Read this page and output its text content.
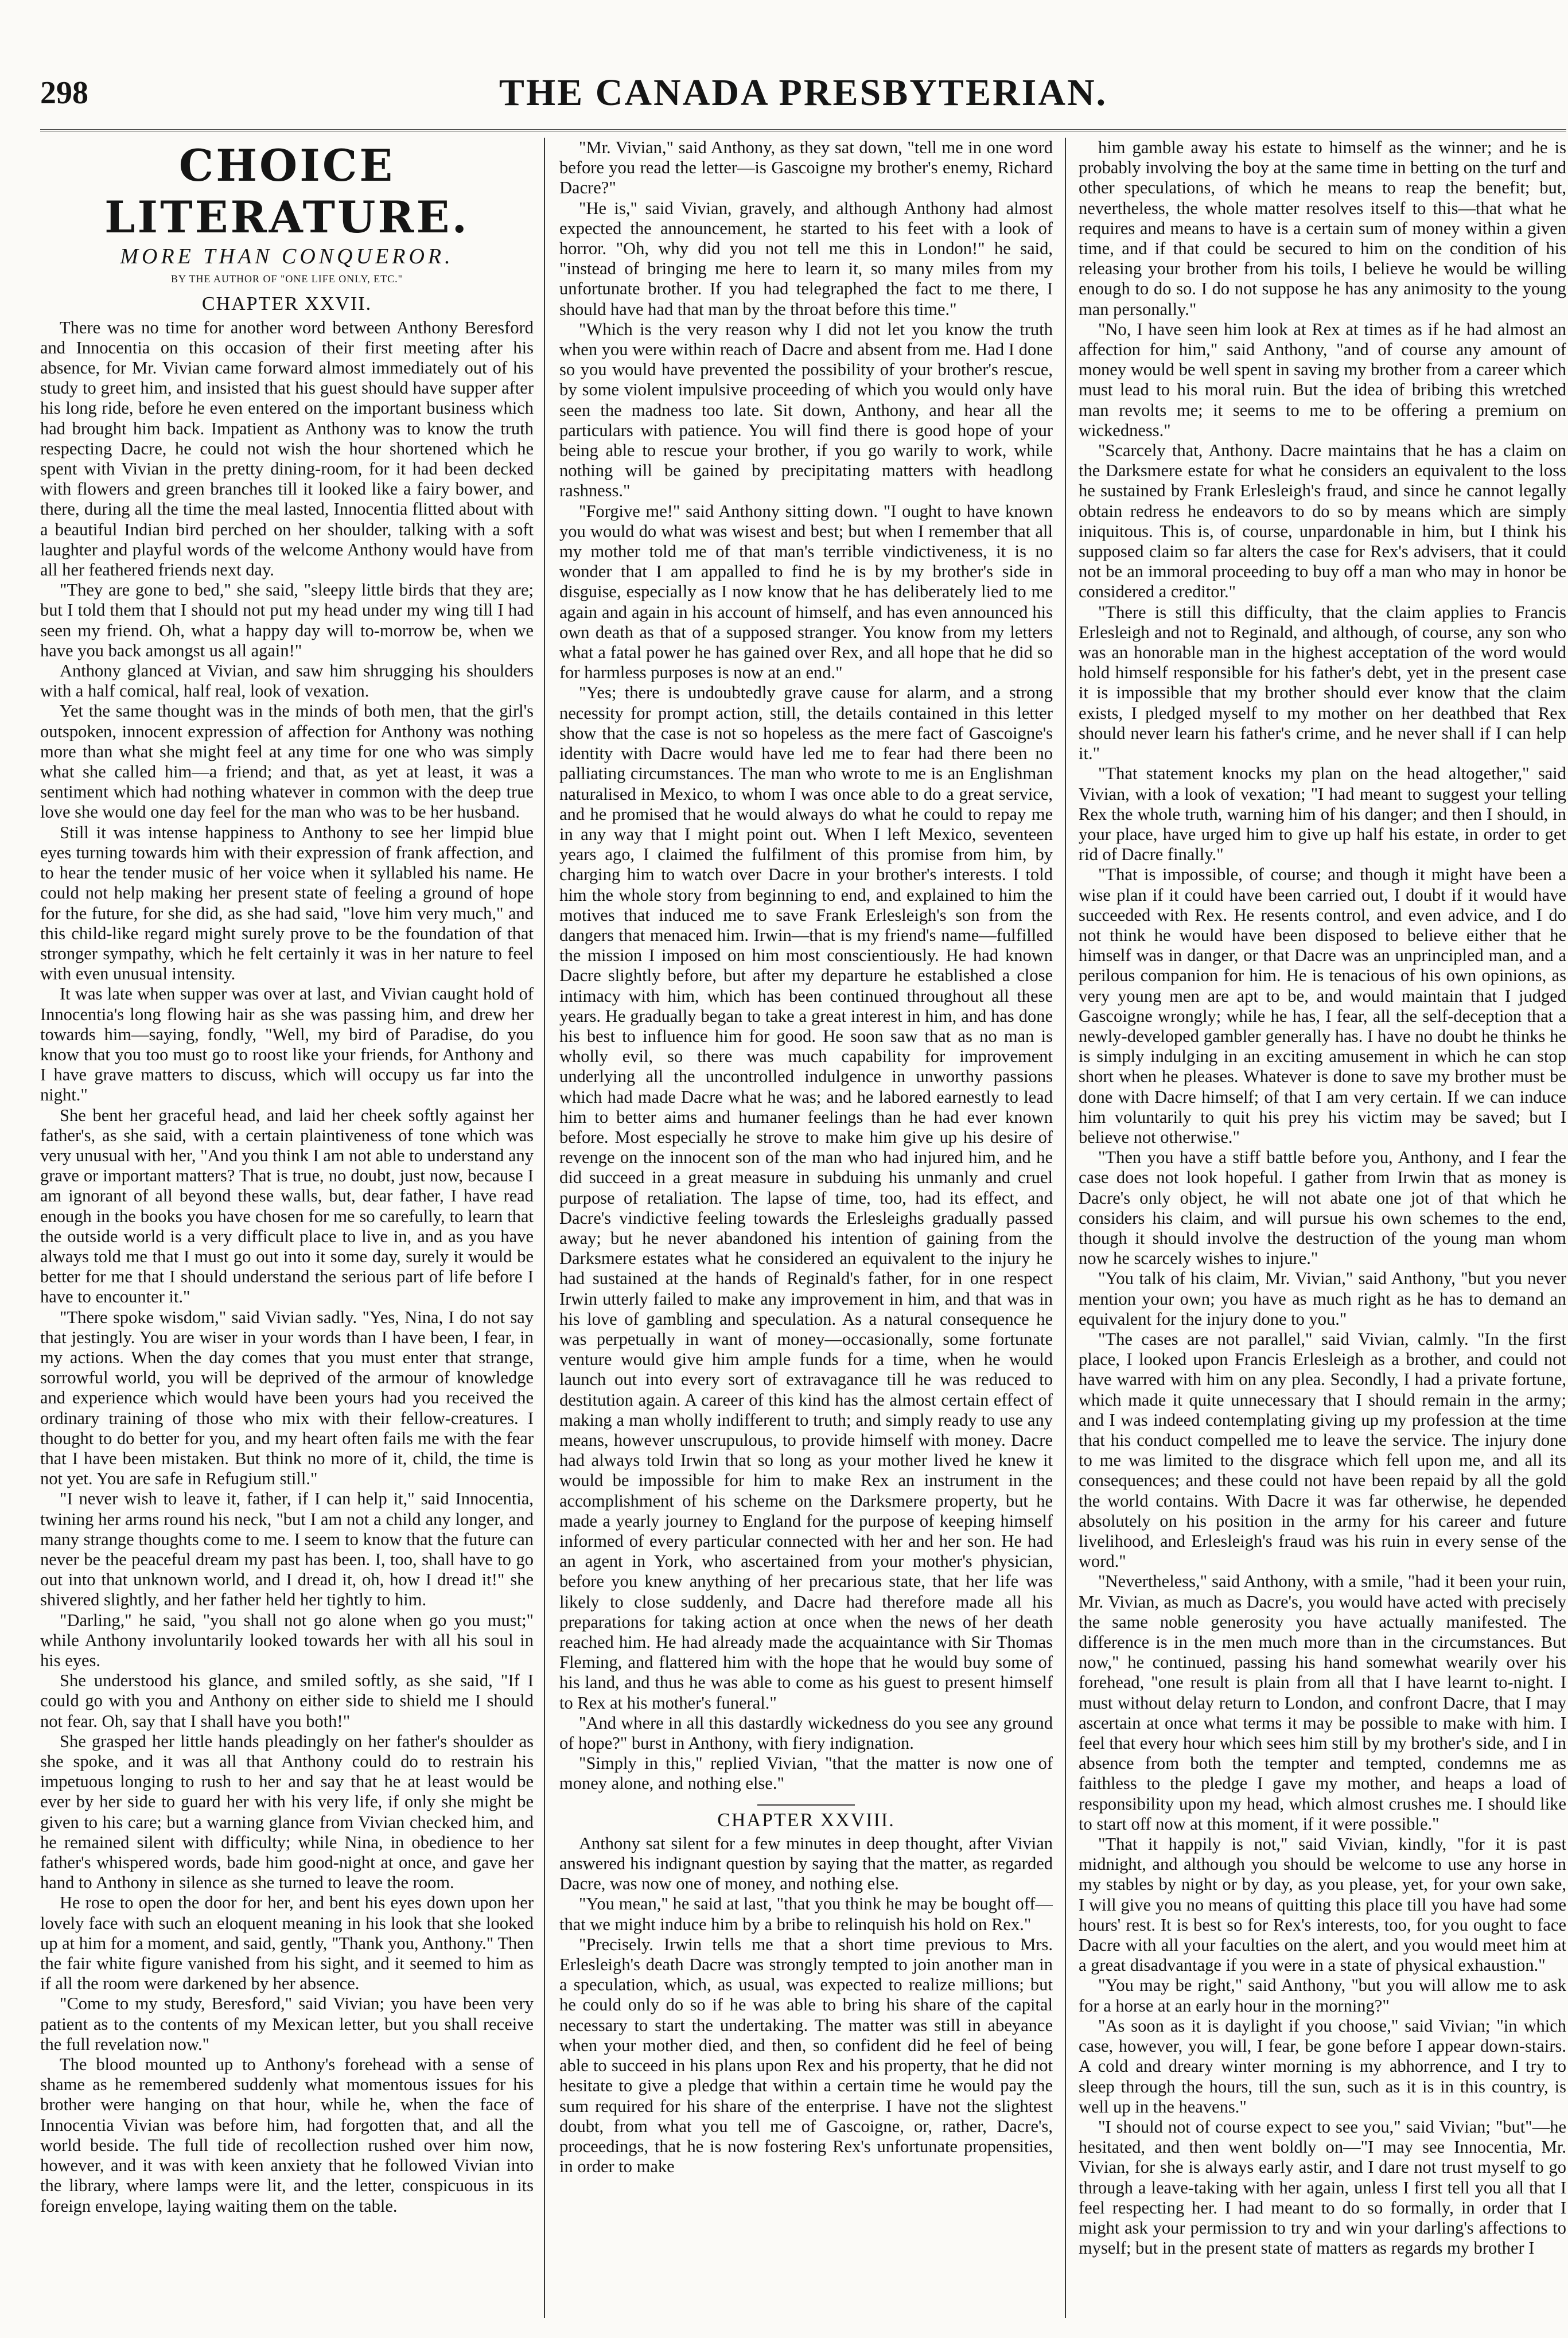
298	THE CANADA PRESBYTERIAN.
CHOICE LITERATURE.
MORE THAN CONQUEROR.
BY THE AUTHOR OF "ONE LIFE ONLY, ETC."
CHAPTER XXVII.

There was no time for another word between Anthony Beresford and Innocentia on this occasion of their first meeting after his absence, for Mr. Vivian came forward almost immediately out of his study to greet him, and insisted that his guest should have supper after his long ride, before he even entered on the important business which had brought him back. Impatient as Anthony was to know the truth respecting Dacre, he could not wish the hour shortened which he spent with Vivian in the pretty dining-room, for it had been decked with flowers and green branches till it looked like a fairy bower, and there, during all the time the meal lasted, Innocentia flitted about with a beautiful Indian bird perched on her shoulder, talking with a soft laughter and playful words of the welcome Anthony would have from all her feathered friends next day.

"They are gone to bed," she said, "sleepy little birds that they are; but I told them that I should not put my head under my wing till I had seen my friend. Oh, what a happy day will to-morrow be, when we have you back amongst us all again!"

Anthony glanced at Vivian, and saw him shrugging his shoulders with a half comical, half real, look of vexation.

Yet the same thought was in the minds of both men, that the girl's outspoken, innocent expression of affection for Anthony was nothing more than what she might feel at any time for one who was simply what she called him—a friend; and that, as yet at least, it was a sentiment which had nothing whatever in common with the deep true love she would one day feel for the man who was to be her husband.

Still it was intense happiness to Anthony to see her limpid blue eyes turning towards him with their expression of frank affection, and to hear the tender music of her voice when it syllabled his name. He could not help making her present state of feeling a ground of hope for the future, for she did, as she had said, "love him very much," and this child-like regard might surely prove to be the foundation of that stronger sympathy, which he felt certainly it was in her nature to feel with even unusual intensity.

It was late when supper was over at last, and Vivian caught hold of Innocentia's long flowing hair as she was passing him, and drew her towards him—saying, fondly, "Well, my bird of Paradise, do you know that you too must go to roost like your friends, for Anthony and I have grave matters to discuss, which will occupy us far into the night."

She bent her graceful head, and laid her cheek softly against her father's, as she said, with a certain plaintiveness of tone which was very unusual with her, "And you think I am not able to understand any grave or important matters? That is true, no doubt, just now, because I am ignorant of all beyond these walls, but, dear father, I have read enough in the books you have chosen for me so carefully, to learn that the outside world is a very difficult place to live in, and as you have always told me that I must go out into it some day, surely it would be better for me that I should understand the serious part of life before I have to encounter it."

"There spoke wisdom," said Vivian sadly. "Yes, Nina, I do not say that jestingly. You are wiser in your words than I have been, I fear, in my actions. When the day comes that you must enter that strange, sorrowful world, you will be deprived of the armour of knowledge and experience which would have been yours had you received the ordinary training of those who mix with their fellow-creatures. I thought to do better for you, and my heart often fails me with the fear that I have been mistaken. But think no more of it, child, the time is not yet. You are safe in Refugium still."

"I never wish to leave it, father, if I can help it," said Innocentia, twining her arms round his neck, "but I am not a child any longer, and many strange thoughts come to me. I seem to know that the future can never be the peaceful dream my past has been. I, too, shall have to go out into that unknown world, and I dread it, oh, how I dread it!" she shivered slightly, and her father held her tightly to him.

"Darling," he said, "you shall not go alone when go you must;" while Anthony involuntarily looked towards her with all his soul in his eyes.

She understood his glance, and smiled softly, as she said, "If I could go with you and Anthony on either side to shield me I should not fear. Oh, say that I shall have you both!"

She grasped her little hands pleadingly on her father's shoulder as she spoke, and it was all that Anthony could do to restrain his impetuous longing to rush to her and say that he at least would be ever by her side to guard her with his very life, if only she might be given to his care; but a warning glance from Vivian checked him, and he remained silent with difficulty; while Nina, in obedience to her father's whispered words, bade him good-night at once, and gave her hand to Anthony in silence as she turned to leave the room.

He rose to open the door for her, and bent his eyes down upon her lovely face with such an eloquent meaning in his look that she looked up at him for a moment, and said, gently, "Thank you, Anthony." Then the fair white figure vanished from his sight, and it seemed to him as if all the room were darkened by her absence.

"Come to my study, Beresford," said Vivian; you have been very patient as to the contents of my Mexican letter, but you shall receive the full revelation now."

The blood mounted up to Anthony's forehead with a sense of shame as he remembered suddenly what momentous issues for his brother were hanging on that hour, while he, when the face of Innocentia Vivian was before him, had forgotten that, and all the world beside. The full tide of recollection rushed over him now, however, and it was with keen anxiety that he followed Vivian into the library, where lamps were lit, and the letter, conspicuous in its foreign envelope, laying waiting them on the table.

"Mr. Vivian," said Anthony, as they sat down, "tell me in one word before you read the letter—is Gascoigne my brother's enemy, Richard Dacre?"

"He is," said Vivian, gravely, and although Anthony had almost expected the announcement, he started to his feet with a look of horror. "Oh, why did you not tell me this in London!" he said, "instead of bringing me here to learn it, so many miles from my unfortunate brother. If you had telegraphed the fact to me there, I should have had that man by the throat before this time."

"Which is the very reason why I did not let you know the truth when you were within reach of Dacre and absent from me. Had I done so you would have prevented the possibility of your brother's rescue, by some violent impulsive proceeding of which you would only have seen the madness too late. Sit down, Anthony, and hear all the particulars with patience. You will find there is good hope of your being able to rescue your brother, if you go warily to work, while nothing will be gained by precipitating matters with headlong rashness."

"Forgive me!" said Anthony sitting down. "I ought to have known you would do what was wisest and best; but when I remember that all my mother told me of that man's terrible vindictiveness, it is no wonder that I am appalled to find he is by my brother's side in disguise, especially as I now know that he has deliberately lied to me again and again in his account of himself, and has even announced his own death as that of a supposed stranger. You know from my letters what a fatal power he has gained over Rex, and all hope that he did so for harmless purposes is now at an end."

"Yes; there is undoubtedly grave cause for alarm, and a strong necessity for prompt action, still, the details contained in this letter show that the case is not so hopeless as the mere fact of Gascoigne's identity with Dacre would have led me to fear had there been no palliating circumstances. The man who wrote to me is an Englishman naturalised in Mexico, to whom I was once able to do a great service, and he promised that he would always do what he could to repay me in any way that I might point out. When I left Mexico, seventeen years ago, I claimed the fulfilment of this promise from him, by charging him to watch over Dacre in your brother's interests. I told him the whole story from beginning to end, and explained to him the motives that induced me to save Frank Erlesleigh's son from the dangers that menaced him. Irwin—that is my friend's name—fulfilled the mission I imposed on him most conscientiously. He had known Dacre slightly before, but after my departure he established a close intimacy with him, which has been continued throughout all these years. He gradually began to take a great interest in him, and has done his best to influence him for good. He soon saw that as no man is wholly evil, so there was much capability for improvement underlying all the uncontrolled indulgence in unworthy passions which had made Dacre what he was; and he labored earnestly to lead him to better aims and humaner feelings than he had ever known before. Most especially he strove to make him give up his desire of revenge on the innocent son of the man who had injured him, and he did succeed in a great measure in subduing his unmanly and cruel purpose of retaliation. The lapse of time, too, had its effect, and Dacre's vindictive feeling towards the Erlesleighs gradually passed away; but he never abandoned his intention of gaining from the Darksmere estates what he considered an equivalent to the injury he had sustained at the hands of Reginald's father, for in one respect Irwin utterly failed to make any improvement in him, and that was in his love of gambling and speculation. As a natural consequence he was perpetually in want of money—occasionally, some fortunate venture would give him ample funds for a time, when he would launch out into every sort of extravagance till he was reduced to destitution again. A career of this kind has the almost certain effect of making a man wholly indifferent to truth; and simply ready to use any means, however unscrupulous, to provide himself with money. Dacre had always told Irwin that so long as your mother lived he knew it would be impossible for him to make Rex an instrument in the accomplishment of his scheme on the Darksmere property, but he made a yearly journey to England for the purpose of keeping himself informed of every particular connected with her and her son. He had an agent in York, who ascertained from your mother's physician, before you knew anything of her precarious state, that her life was likely to close suddenly, and Dacre had therefore made all his preparations for taking action at once when the news of her death reached him. He had already made the acquaintance with Sir Thomas Fleming, and flattered him with the hope that he would buy some of his land, and thus he was able to come as his guest to present himself to Rex at his mother's funeral."

"And where in all this dastardly wickedness do you see any ground of hope?" burst in Anthony, with fiery indignation.

"Simply in this," replied Vivian, "that the matter is now one of money alone, and nothing else."

CHAPTER XXVIII.

Anthony sat silent for a few minutes in deep thought, after Vivian answered his indignant question by saying that the matter, as regarded Dacre, was now one of money, and nothing else.

"You mean," he said at last, "that you think he may be bought off—that we might induce him by a bribe to relinquish his hold on Rex."

"Precisely. Irwin tells me that a short time previous to Mrs. Erlesleigh's death Dacre was strongly tempted to join another man in a speculation, which, as usual, was expected to realize millions; but he could only do so if he was able to bring his share of the capital necessary to start the undertaking. The matter was still in abeyance when your mother died, and then, so confident did he feel of being able to succeed in his plans upon Rex and his property, that he did not hesitate to give a pledge that within a certain time he would pay the sum required for his share of the enterprise. I have not the slightest doubt, from what you tell me of Gascoigne, or, rather, Dacre's, proceedings, that he is now fostering Rex's unfortunate propensities, in order to make

him gamble away his estate to himself as the winner; and he is probably involving the boy at the same time in betting on the turf and other speculations, of which he means to reap the benefit; but, nevertheless, the whole matter resolves itself to this—that what he requires and means to have is a certain sum of money within a given time, and if that could be secured to him on the condition of his releasing your brother from his toils, I believe he would be willing enough to do so. I do not suppose he has any animosity to the young man personally."

"No, I have seen him look at Rex at times as if he had almost an affection for him," said Anthony, "and of course any amount of money would be well spent in saving my brother from a career which must lead to his moral ruin. But the idea of bribing this wretched man revolts me; it seems to me to be offering a premium on wickedness."

"Scarcely that, Anthony. Dacre maintains that he has a claim on the Darksmere estate for what he considers an equivalent to the loss he sustained by Frank Erlesleigh's fraud, and since he cannot legally obtain redress he endeavors to do so by means which are simply iniquitous. This is, of course, unpardonable in him, but I think his supposed claim so far alters the case for Rex's advisers, that it could not be an immoral proceeding to buy off a man who may in honor be considered a creditor."

"There is still this difficulty, that the claim applies to Francis Erlesleigh and not to Reginald, and although, of course, any son who was an honorable man in the highest acceptation of the word would hold himself responsible for his father's debt, yet in the present case it is impossible that my brother should ever know that the claim exists, I pledged myself to my mother on her deathbed that Rex should never learn his father's crime, and he never shall if I can help it."

"That statement knocks my plan on the head altogether," said Vivian, with a look of vexation; "I had meant to suggest your telling Rex the whole truth, warning him of his danger; and then I should, in your place, have urged him to give up half his estate, in order to get rid of Dacre finally."

"That is impossible, of course; and though it might have been a wise plan if it could have been carried out, I doubt if it would have succeeded with Rex. He resents control, and even advice, and I do not think he would have been disposed to believe either that he himself was in danger, or that Dacre was an unprincipled man, and a perilous companion for him. He is tenacious of his own opinions, as very young men are apt to be, and would maintain that I judged Gascoigne wrongly; while he has, I fear, all the self-deception that a newly-developed gambler generally has. I have no doubt he thinks he is simply indulging in an exciting amusement in which he can stop short when he pleases. Whatever is done to save my brother must be done with Dacre himself; of that I am very certain. If we can induce him voluntarily to quit his prey his victim may be saved; but I believe not otherwise."

"Then you have a stiff battle before you, Anthony, and I fear the case does not look hopeful. I gather from Irwin that as money is Dacre's only object, he will not abate one jot of that which he considers his claim, and will pursue his own schemes to the end, though it should involve the destruction of the young man whom now he scarcely wishes to injure."

"You talk of his claim, Mr. Vivian," said Anthony, "but you never mention your own; you have as much right as he has to demand an equivalent for the injury done to you."

"The cases are not parallel," said Vivian, calmly. "In the first place, I looked upon Francis Erlesleigh as a brother, and could not have warred with him on any plea. Secondly, I had a private fortune, which made it quite unnecessary that I should remain in the army; and I was indeed contemplating giving up my profession at the time that his conduct compelled me to leave the service. The injury done to me was limited to the disgrace which fell upon me, and all its consequences; and these could not have been repaid by all the gold the world contains. With Dacre it was far otherwise, he depended absolutely on his position in the army for his career and future livelihood, and Erlesleigh's fraud was his ruin in every sense of the word."

"Nevertheless," said Anthony, with a smile, "had it been your ruin, Mr. Vivian, as much as Dacre's, you would have acted with precisely the same noble generosity you have actually manifested. The difference is in the men much more than in the circumstances. But now," he continued, passing his hand somewhat wearily over his forehead, "one result is plain from all that I have learnt to-night. I must without delay return to London, and confront Dacre, that I may ascertain at once what terms it may be possible to make with him. I feel that every hour which sees him still by my brother's side, and I in absence from both the tempter and tempted, condemns me as faithless to the pledge I gave my mother, and heaps a load of responsibility upon my head, which almost crushes me. I should like to start off now at this moment, if it were possible."

"That it happily is not," said Vivian, kindly, "for it is past midnight, and although you should be welcome to use any horse in my stables by night or by day, as you please, yet, for your own sake, I will give you no means of quitting this place till you have had some hours' rest. It is best so for Rex's interests, too, for you ought to face Dacre with all your faculties on the alert, and you would meet him at a great disadvantage if you were in a state of physical exhaustion."

"You may be right," said Anthony, "but you will allow me to ask for a horse at an early hour in the morning?"

"As soon as it is daylight if you choose," said Vivian; "in which case, however, you will, I fear, be gone before I appear down-stairs. A cold and dreary winter morning is my abhorrence, and I try to sleep through the hours, till the sun, such as it is in this country, is well up in the heavens."

"I should not of course expect to see you," said Vivian; "but"—he hesitated, and then went boldly on—"I may see Innocentia, Mr. Vivian, for she is always early astir, and I dare not trust myself to go through a leave-taking with her again, unless I first tell you all that I feel respecting her. I had meant to do so formally, in order that I might ask your permission to try and win your darling's affections to myself; but in the present state of matters as regards my brother I
